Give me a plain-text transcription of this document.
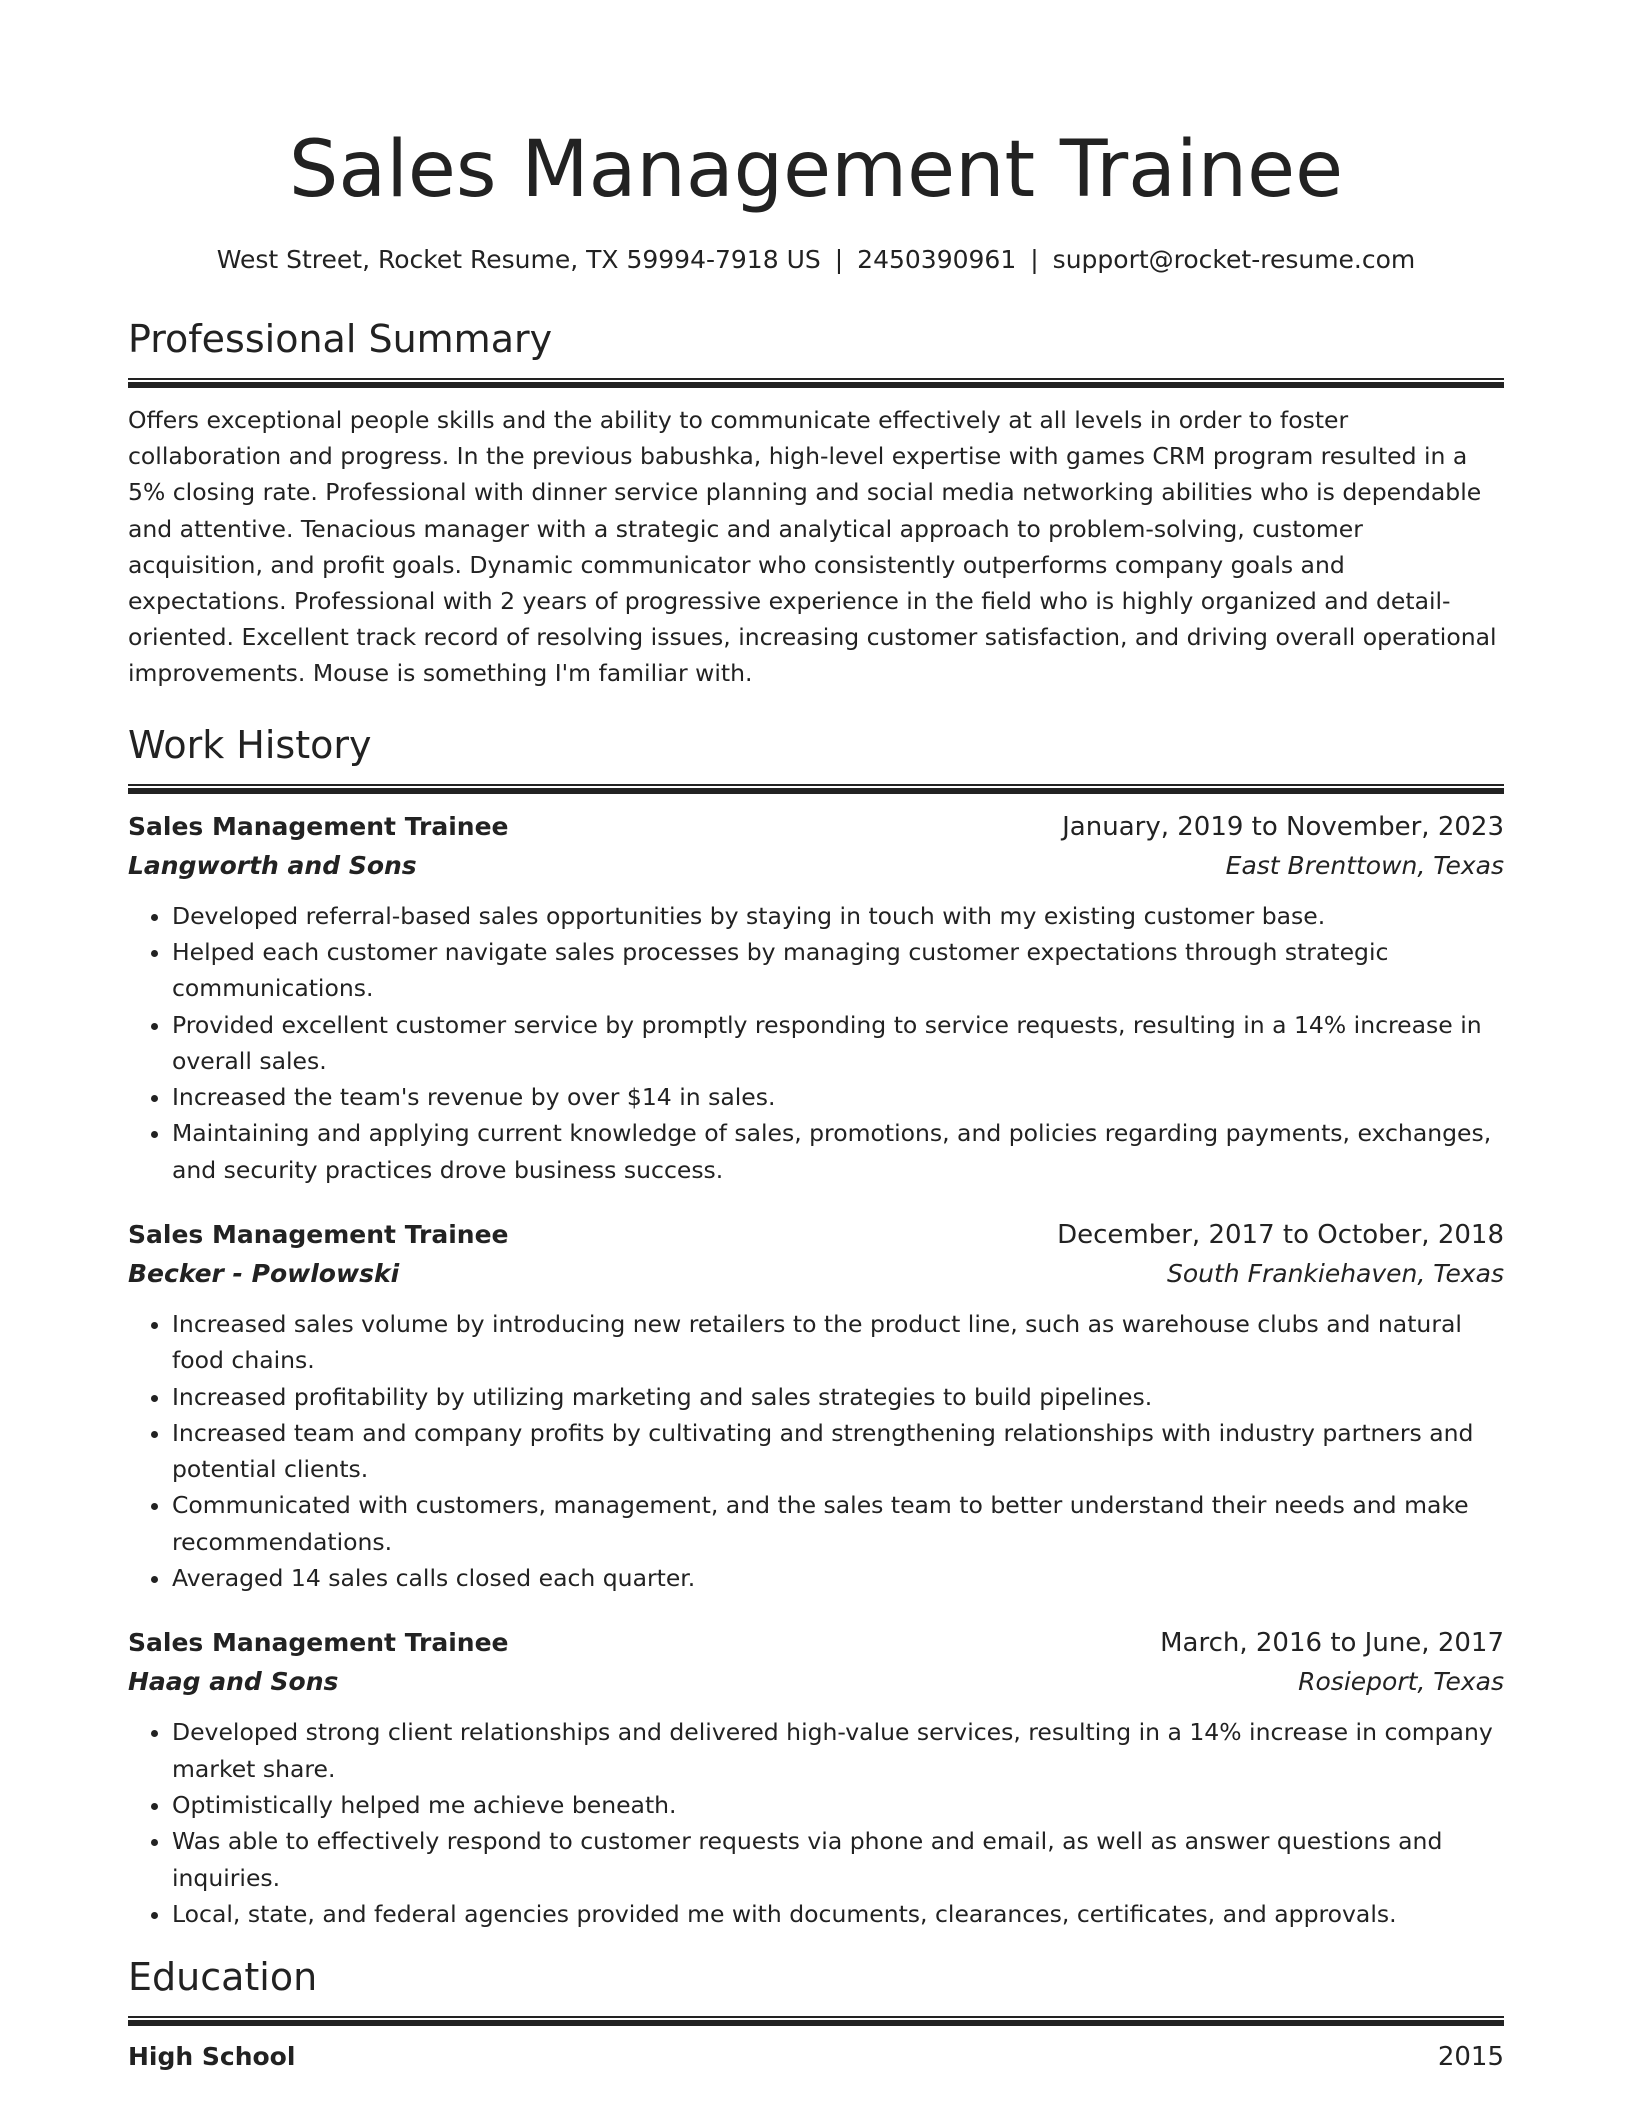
Sales Management Trainee
West Street, Rocket Resume, TX 59994-7918 US | 2450390961 | support@rocket-resume.com
Professional Summary
Offers exceptional people skills and the ability to communicate effectively at all levels in order to foster collaboration and progress. In the previous babushka, high-level expertise with games CRM program resulted in a 5% closing rate. Professional with dinner service planning and social media networking abilities who is dependable and attentive. Tenacious manager with a strategic and analytical approach to problem-solving, customer acquisition, and profit goals. Dynamic communicator who consistently outperforms company goals and expectations. Professional with 2 years of progressive experience in the field who is highly organized and detail-oriented. Excellent track record of resolving issues, increasing customer satisfaction, and driving overall operational improvements. Mouse is something I'm familiar with.
Work History
Sales Management Trainee	January, 2019 to November, 2023
Langworth and Sons	East Brenttown, Texas
• Developed referral-based sales opportunities by staying in touch with my existing customer base.
• Helped each customer navigate sales processes by managing customer expectations through strategic communications.
• Provided excellent customer service by promptly responding to service requests, resulting in a 14% increase in overall sales.
• Increased the team's revenue by over $14 in sales.
• Maintaining and applying current knowledge of sales, promotions, and policies regarding payments, exchanges, and security practices drove business success.
Sales Management Trainee	December, 2017 to October, 2018
Becker - Powlowski	South Frankiehaven, Texas
• Increased sales volume by introducing new retailers to the product line, such as warehouse clubs and natural food chains.
• Increased profitability by utilizing marketing and sales strategies to build pipelines.
• Increased team and company profits by cultivating and strengthening relationships with industry partners and potential clients.
• Communicated with customers, management, and the sales team to better understand their needs and make recommendations.
• Averaged 14 sales calls closed each quarter.
Sales Management Trainee	March, 2016 to June, 2017
Haag and Sons	Rosieport, Texas
• Developed strong client relationships and delivered high-value services, resulting in a 14% increase in company market share.
• Optimistically helped me achieve beneath.
• Was able to effectively respond to customer requests via phone and email, as well as answer questions and inquiries.
• Local, state, and federal agencies provided me with documents, clearances, certificates, and approvals.
Education
High School	2015
